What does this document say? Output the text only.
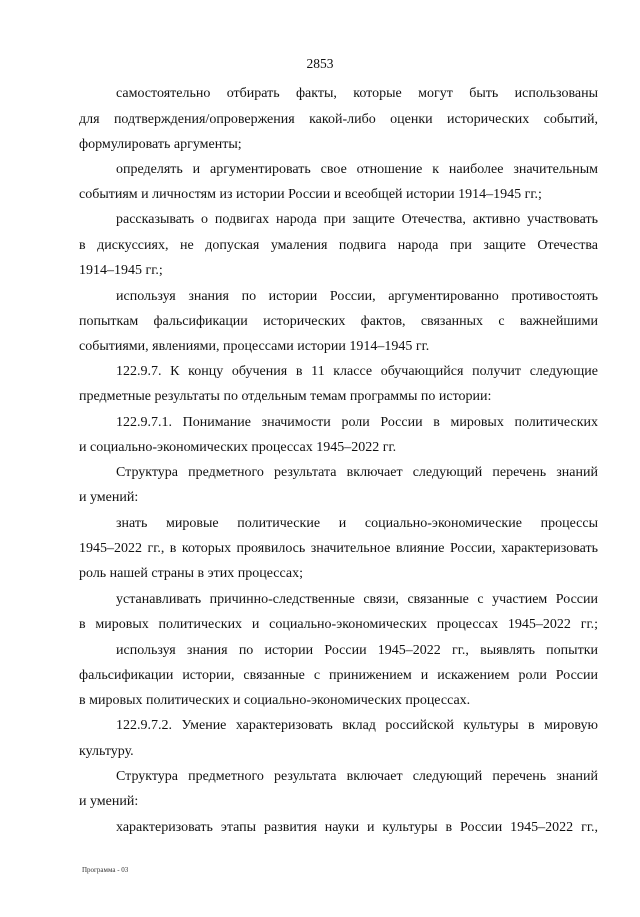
2853
самостоятельно отбирать факты, которые могут быть использованы
для подтверждения/опровержения какой-либо оценки исторических событий,
формулировать аргументы;
определять и аргументировать свое отношение к наиболее значительным
событиям и личностям из истории России и всеобщей истории 1914–1945 гг.;
рассказывать о подвигах народа при защите Отечества, активно участвовать
в дискуссиях, не допуская умаления подвига народа при защите Отечества
1914–1945 гг.;
используя знания по истории России, аргументированно противостоять
попыткам фальсификации исторических фактов, связанных с важнейшими
событиями, явлениями, процессами истории 1914–1945 гг.
122.9.7. К концу обучения в 11 классе обучающийся получит следующие
предметные результаты по отдельным темам программы по истории:
122.9.7.1. Понимание значимости роли России в мировых политических
и социально-экономических процессах 1945–2022 гг.
Структура предметного результата включает следующий перечень знаний
и умений:
знать мировые политические и социально-экономические процессы
1945–2022 гг., в которых проявилось значительное влияние России, характеризовать
роль нашей страны в этих процессах;
устанавливать причинно-следственные связи, связанные с участием России
в мировых политических и социально-экономических процессах 1945–2022 гг.;
используя знания по истории России 1945–2022 гг., выявлять попытки
фальсификации истории, связанные с принижением и искажением роли России
в мировых политических и социально-экономических процессах.
122.9.7.2. Умение характеризовать вклад российской культуры в мировую
культуру.
Структура предметного результата включает следующий перечень знаний
и умений:
характеризовать этапы развития науки и культуры в России 1945–2022 гг.,
Программа - 03
